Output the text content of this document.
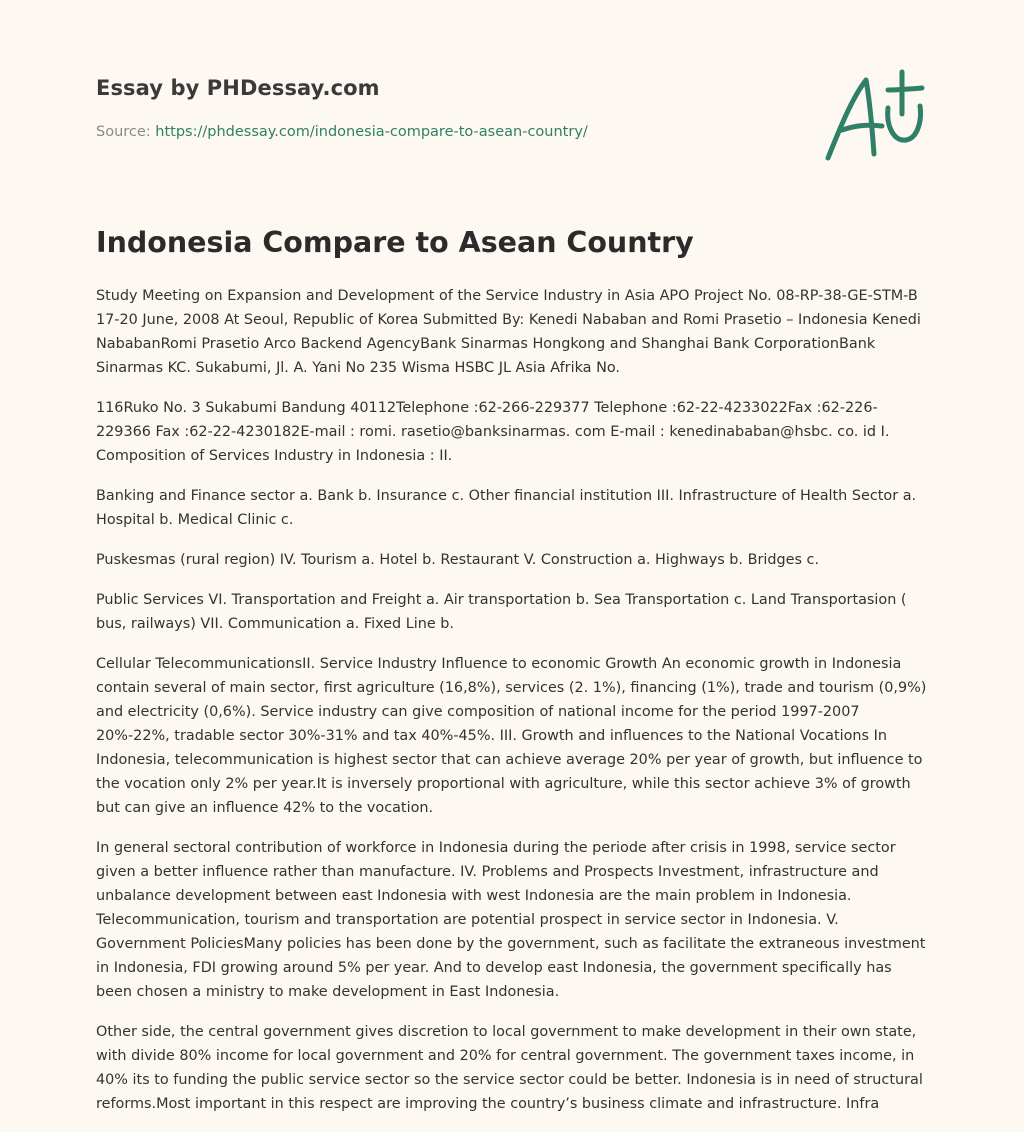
Essay by PHDessay.com
Source: https://phdessay.com/indonesia-compare-to-asean-country/
Indonesia Compare to Asean Country

Study Meeting on Expansion and Development of the Service Industry in Asia APO Project No. 08-RP-38-GE-STM-B 17-20 June, 2008 At Seoul, Republic of Korea Submitted By: Kenedi Nababan and Romi Prasetio – Indonesia Kenedi NababanRomi Prasetio Arco Backend AgencyBank Sinarmas Hongkong and Shanghai Bank CorporationBank Sinarmas KC. Sukabumi, Jl. A. Yani No 235 Wisma HSBC JL Asia Afrika No.

116Ruko No. 3 Sukabumi Bandung 40112Telephone :62-266-229377 Telephone :62-22-4233022Fax :62-226-229366 Fax :62-22-4230182E-mail : romi. rasetio@banksinarmas. com E-mail : kenedinababan@hsbc. co. id I. Composition of Services Industry in Indonesia : II.

Banking and Finance sector a. Bank b. Insurance c. Other financial institution III. Infrastructure of Health Sector a. Hospital b. Medical Clinic c.

Puskesmas (rural region) IV. Tourism a. Hotel b. Restaurant V. Construction a. Highways b. Bridges c.

Public Services VI. Transportation and Freight a. Air transportation b. Sea Transportation c. Land Transportasion ( bus, railways) VII. Communication a. Fixed Line b.

Cellular TelecommunicationsII. Service Industry Influence to economic Growth An economic growth in Indonesia contain several of main sector, first agriculture (16,8%), services (2. 1%), financing (1%), trade and tourism (0,9%) and electricity (0,6%). Service industry can give composition of national income for the period 1997-2007 20%-22%, tradable sector 30%-31% and tax 40%-45%. III. Growth and influences to the National Vocations In Indonesia, telecommunication is highest sector that can achieve average 20% per year of growth, but influence to the vocation only 2% per year.It is inversely proportional with agriculture, while this sector achieve 3% of growth but can give an influence 42% to the vocation.

In general sectoral contribution of workforce in Indonesia during the periode after crisis in 1998, service sector given a better influence rather than manufacture. IV. Problems and Prospects Investment, infrastructure and unbalance development between east Indonesia with west Indonesia are the main problem in Indonesia. Telecommunication, tourism and transportation are potential prospect in service sector in Indonesia. V. Government PoliciesMany policies has been done by the government, such as facilitate the extraneous investment in Indonesia, FDI growing around 5% per year. And to develop east Indonesia, the government specifically has been chosen a ministry to make development in East Indonesia.

Other side, the central government gives discretion to local government to make development in their own state, with divide 80% income for local government and 20% for central government. The government taxes income, in 40% its to funding the public service sector so the service sector could be better. Indonesia is in need of structural reforms.Most important in this respect are improving the country’s business climate and infrastructure. Infra
